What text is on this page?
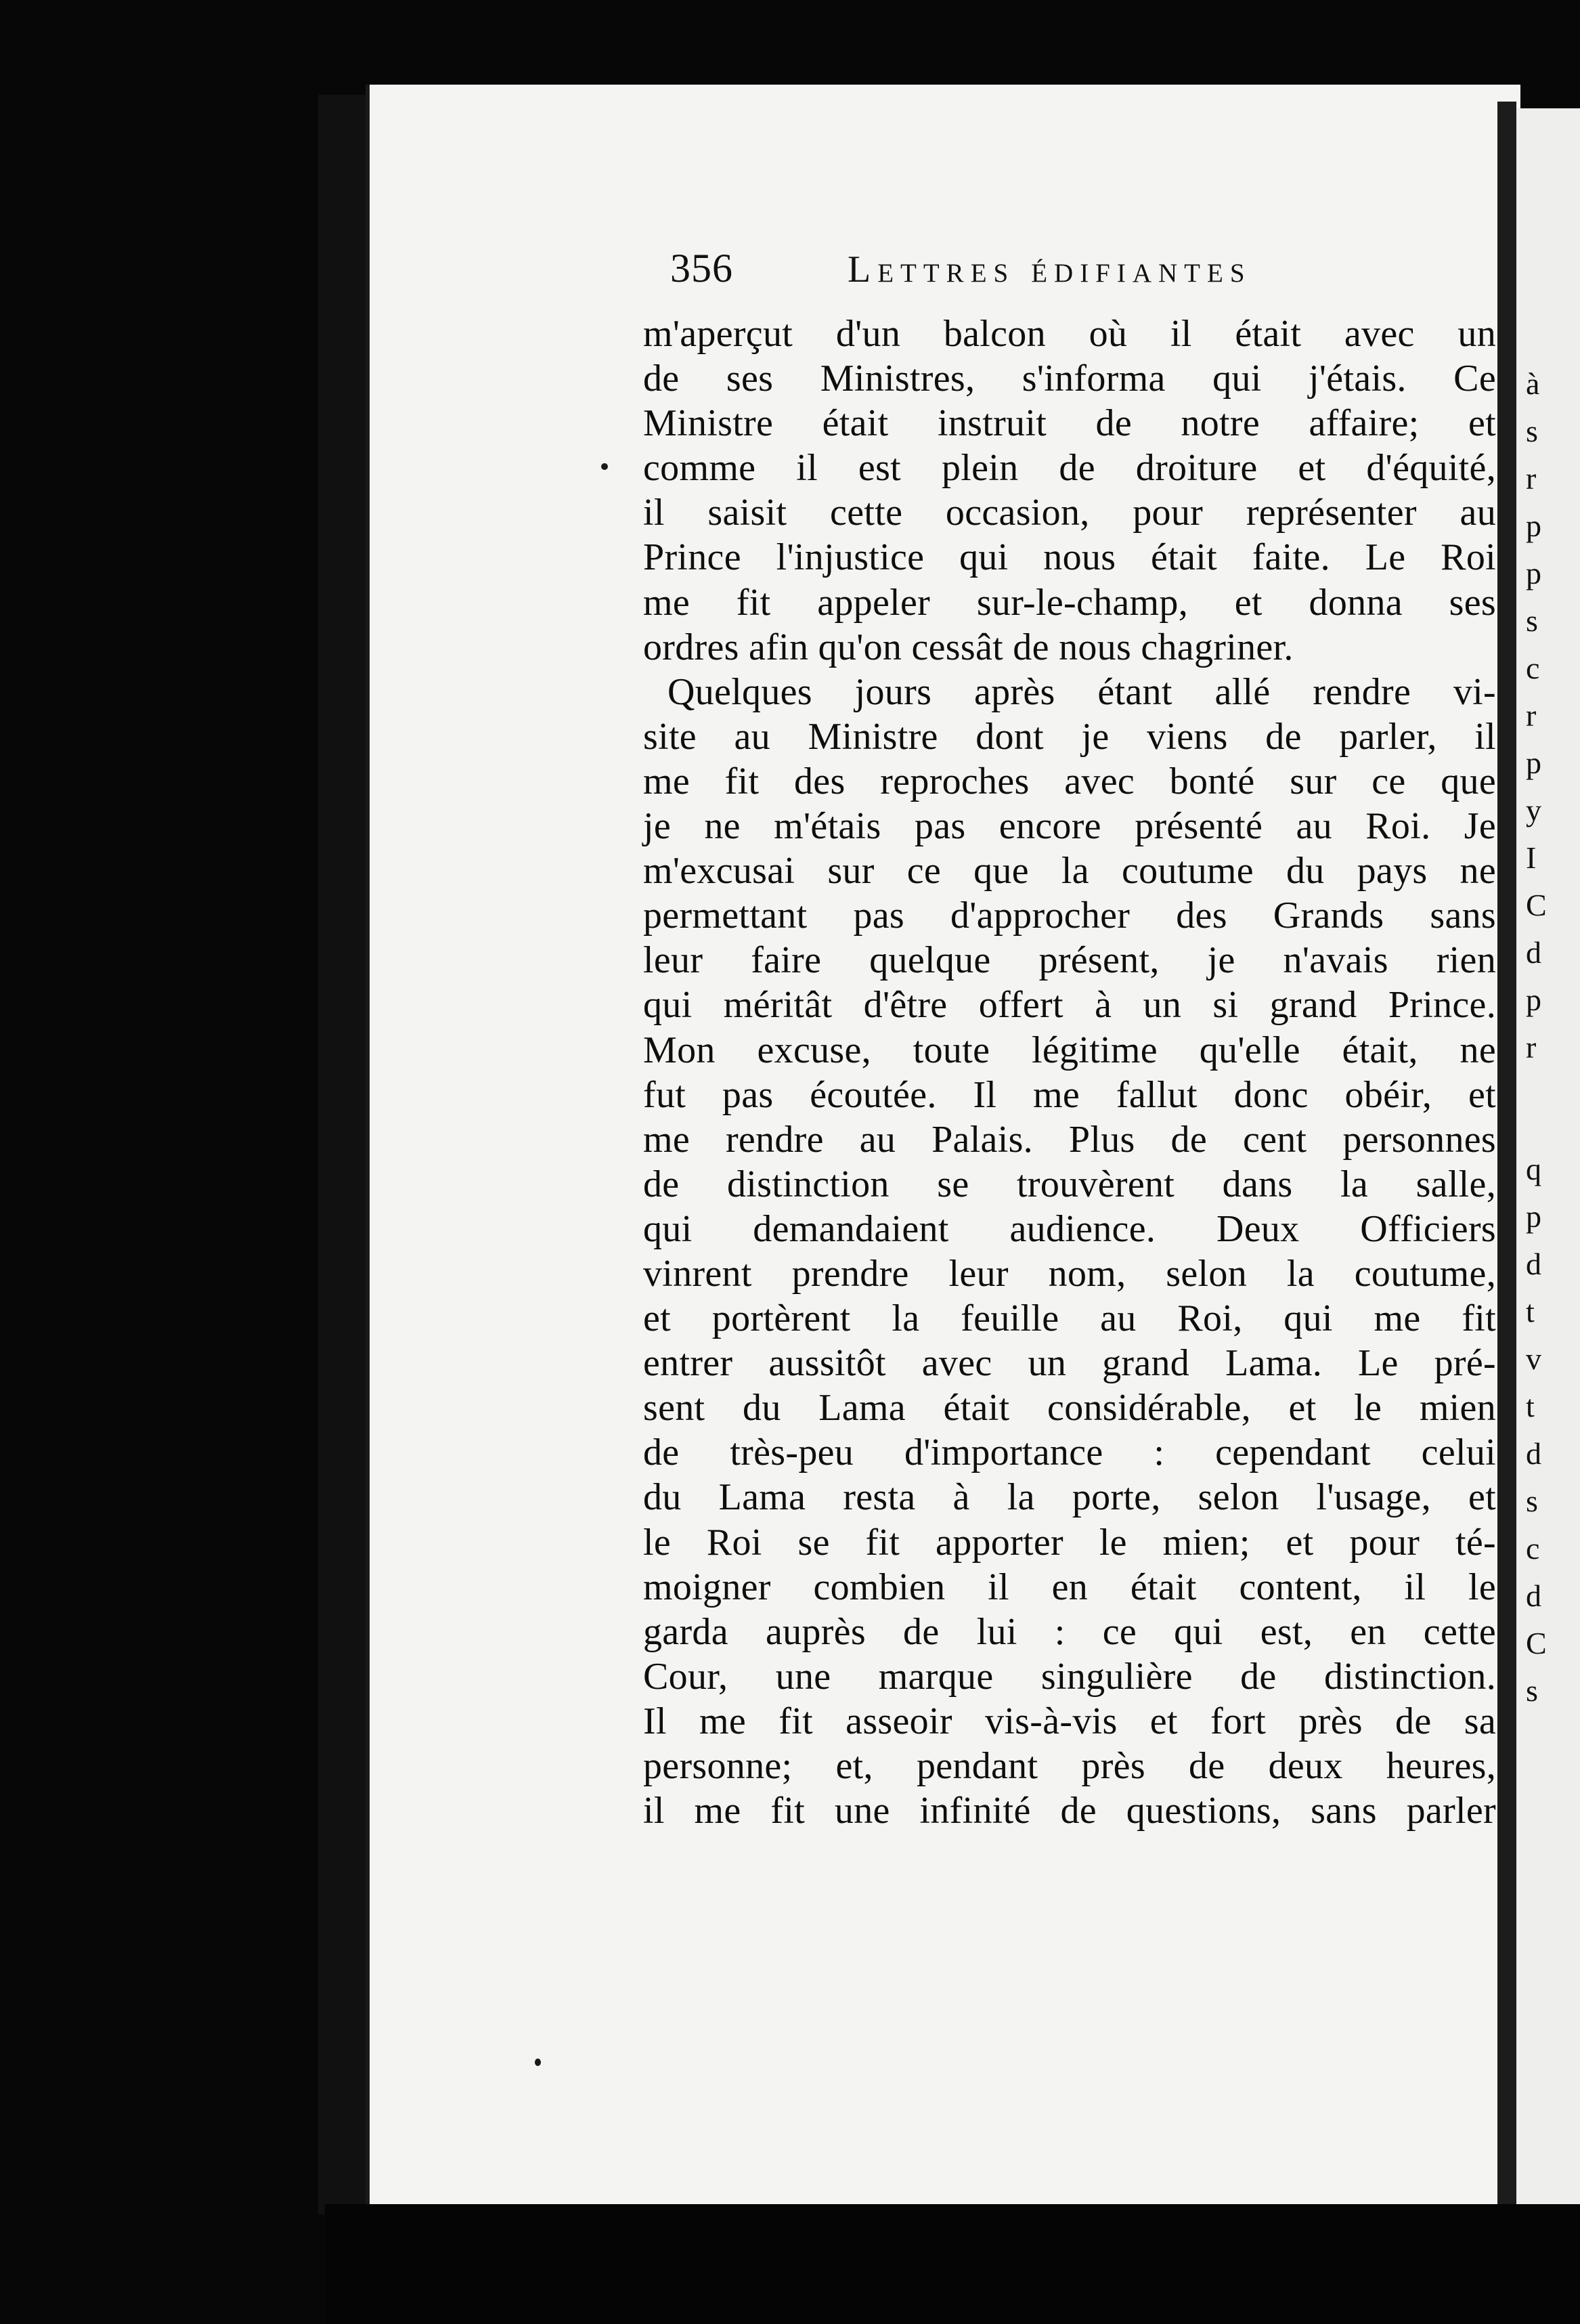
356	Lettres édifiantes
m'aperçut d'un balcon où il était avec un
de ses Ministres, s'informa qui j'étais. Ce
Ministre était instruit de notre affaire; et
comme il est plein de droiture et d'équité,
il saisit cette occasion, pour représenter au
Prince l'injustice qui nous était faite. Le Roi
me fit appeler sur-le-champ, et donna ses
ordres afin qu'on cessât de nous chagriner.
Quelques jours après étant allé rendre vi-
site au Ministre dont je viens de parler, il
me fit des reproches avec bonté sur ce que
je ne m'étais pas encore présenté au Roi. Je
m'excusai sur ce que la coutume du pays ne
permettant pas d'approcher des Grands sans
leur faire quelque présent, je n'avais rien
qui méritât d'être offert à un si grand Prince.
Mon excuse, toute légitime qu'elle était, ne
fut pas écoutée. Il me fallut donc obéir, et
me rendre au Palais. Plus de cent personnes
de distinction se trouvèrent dans la salle,
qui demandaient audience. Deux Officiers
vinrent prendre leur nom, selon la coutume,
et portèrent la feuille au Roi, qui me fit
entrer aussitôt avec un grand Lama. Le pré-
sent du Lama était considérable, et le mien
de très-peu d'importance : cependant celui
du Lama resta à la porte, selon l'usage, et
le Roi se fit apporter le mien; et pour té-
moigner combien il en était content, il le
garda auprès de lui : ce qui est, en cette
Cour, une marque singulière de distinction.
Il me fit asseoir vis-à-vis et fort près de sa
personne; et, pendant près de deux heures,
il me fit une infinité de questions, sans parler
à
s
r
p
p
s
c
r
p
y
I
C
d
p
r
q
p
d
t
v
t
d
s
c
d
C
s
